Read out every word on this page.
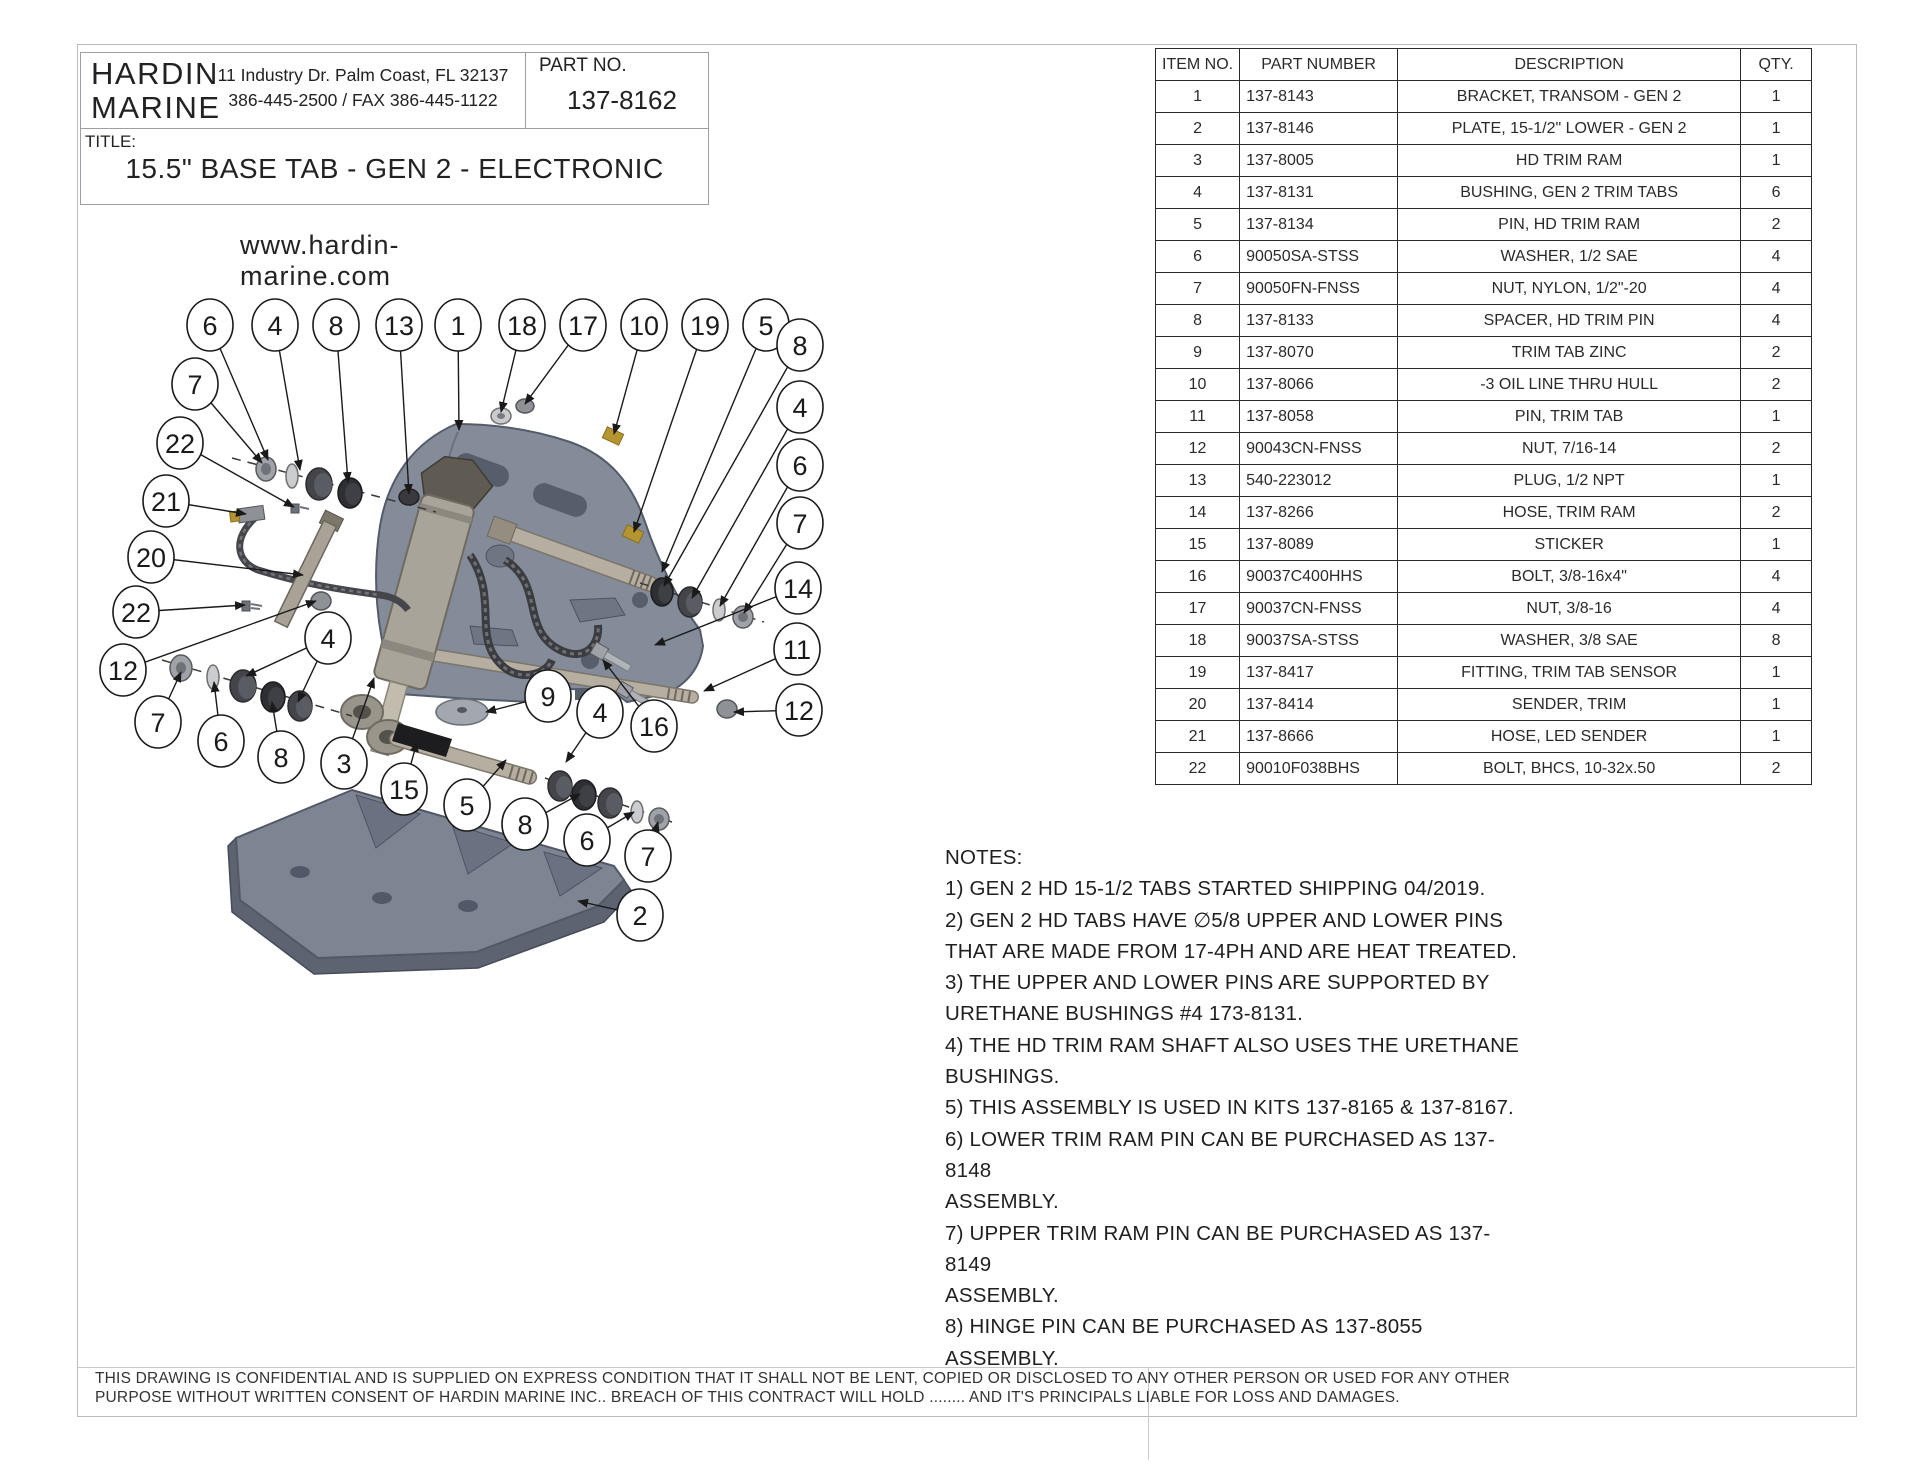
HARDIN
MARINE
11 Industry Dr. Palm Coast, FL 32137
386-445-2500 / FAX 386-445-1122
PART NO.
137-8162
TITLE:
15.5" BASE TAB - GEN 2 - ELECTRONIC
www.hardin-marine.com
ITEM NO.	PART NUMBER	DESCRIPTION	QTY.
1	137-8143	BRACKET, TRANSOM - GEN 2	1
2	137-8146	PLATE, 15-1/2" LOWER - GEN 2	1
3	137-8005	HD TRIM RAM	1
4	137-8131	BUSHING, GEN 2 TRIM TABS	6
5	137-8134	PIN, HD TRIM RAM	2
6	90050SA-STSS	WASHER, 1/2 SAE	4
7	90050FN-FNSS	NUT, NYLON, 1/2"-20	4
8	137-8133	SPACER, HD TRIM PIN	4
9	137-8070	TRIM TAB ZINC	2
10	137-8066	-3 OIL LINE THRU HULL	2
11	137-8058	PIN, TRIM TAB	1
12	90043CN-FNSS	NUT, 7/16-14	2
13	540-223012	PLUG, 1/2 NPT	1
14	137-8266	HOSE, TRIM RAM	2
15	137-8089	STICKER	1
16	90037C400HHS	BOLT, 3/8-16x4"	4
17	90037CN-FNSS	NUT, 3/8-16	4
18	90037SA-STSS	WASHER, 3/8 SAE	8
19	137-8417	FITTING, TRIM TAB SENSOR	1
20	137-8414	SENDER, TRIM	1
21	137-8666	HOSE, LED SENDER	1
22	90010F038BHS	BOLT, BHCS, 10-32x.50	2
NOTES:
1) GEN 2 HD 15-1/2 TABS STARTED SHIPPING 04/2019.
2) GEN 2 HD TABS HAVE ∅5/8 UPPER AND LOWER PINS
THAT ARE MADE FROM 17-4PH AND ARE HEAT TREATED.
3) THE UPPER AND LOWER PINS ARE SUPPORTED BY
URETHANE BUSHINGS #4 173-8131.
4) THE HD TRIM RAM SHAFT ALSO USES THE URETHANE
BUSHINGS.
5) THIS ASSEMBLY IS USED IN KITS 137-8165 & 137-8167.
6) LOWER TRIM RAM PIN CAN BE PURCHASED AS 137-8148
ASSEMBLY.
7) UPPER TRIM RAM PIN CAN BE PURCHASED AS 137-8149
ASSEMBLY.
8) HINGE PIN CAN BE PURCHASED AS 137-8055 ASSEMBLY.
THIS DRAWING IS CONFIDENTIAL AND IS SUPPLIED ON EXPRESS CONDITION THAT IT SHALL NOT BE LENT, COPIED OR DISCLOSED TO ANY OTHER PERSON OR USED FOR ANY OTHER
PURPOSE WITHOUT WRITTEN CONSENT OF HARDIN MARINE INC.. BREACH OF THIS CONTRACT WILL HOLD ........ AND IT'S PRINCIPALS LIABLE FOR LOSS AND DAMAGES.
6 4 8 13 1 18 17 10 19 5
7
22
21
20
22
12
7
6
8 3
15
5
8
6
7
4
9
4 16
8
4
6
7
14
11
12
2
